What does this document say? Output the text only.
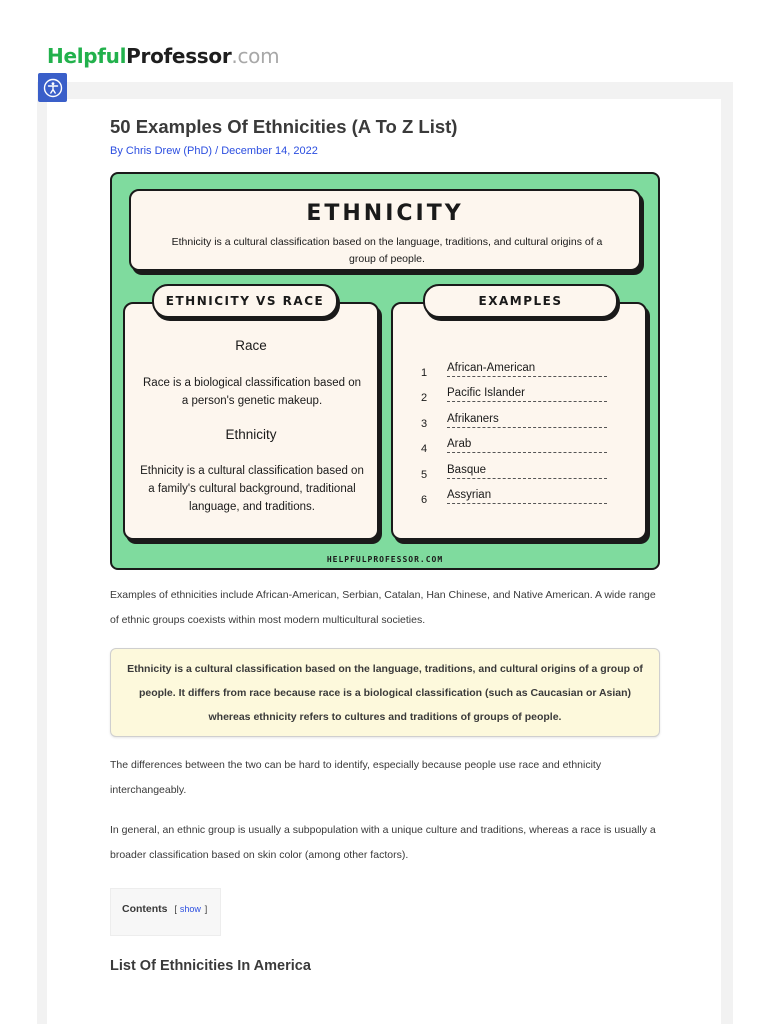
HelpfulProfessor.com
50 Examples Of Ethnicities (A To Z List)
By Chris Drew (PhD) / December 14, 2022
ETHNICITY
Ethnicity is a cultural classification based on the language, traditions, and cultural origins of a group of people.
ETHNICITY VS RACE	EXAMPLES
Race
Race is a biological classification based on a person's genetic makeup.
Ethnicity
Ethnicity is a cultural classification based on a family's cultural background, traditional language, and traditions.
1 African-American
2 Pacific Islander
3 Afrikaners
4 Arab
5 Basque
6 Assyrian
HELPFULPROFESSOR.COM

Examples of ethnicities include African-American, Serbian, Catalan, Han Chinese, and Native American. A wide range of ethnic groups coexists within most modern multicultural societies.

Ethnicity is a cultural classification based on the language, traditions, and cultural origins of a group of people. It differs from race because race is a biological classification (such as Caucasian or Asian) whereas ethnicity refers to cultures and traditions of groups of people.

The differences between the two can be hard to identify, especially because people use race and ethnicity interchangeably.

In general, an ethnic group is usually a subpopulation with a unique culture and traditions, whereas a race is usually a broader classification based on skin color (among other factors).

Contents [ show ]
List Of Ethnicities In America
